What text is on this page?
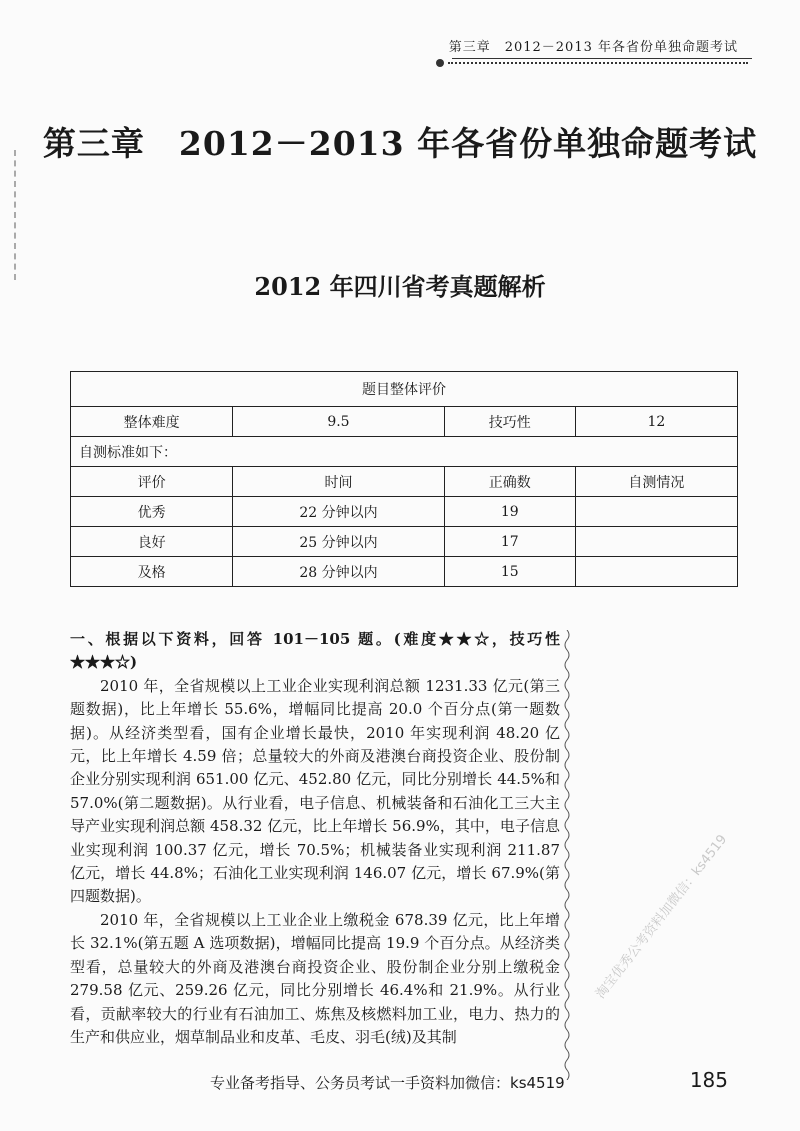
第三章　2012－2013 年各省份单独命题考试
第三章　2012－2013 年各省份单独命题考试
2012 年四川省考真题解析
题目整体评价			
整体难度	9.5	技巧性	12
自测标准如下：			
评价	时间	正确数	自测情况
优秀	22 分钟以内	19	
良好	25 分钟以内	17	
及格	28 分钟以内	15	

一、根据以下资料，回答 101－105 题。(难度★★☆，技巧性★★★☆)

2010 年，全省规模以上工业企业实现利润总额 1231.33 亿元(第三题数据)，比上年增长 55.6%，增幅同比提高 20.0 个百分点(第一题数据)。从经济类型看，国有企业增长最快，2010 年实现利润 48.20 亿元，比上年增长 4.59 倍；总量较大的外商及港澳台商投资企业、股份制企业分别实现利润 651.00 亿元、452.80 亿元，同比分别增长 44.5%和 57.0%(第二题数据)。从行业看，电子信息、机械装备和石油化工三大主导产业实现利润总额 458.32 亿元，比上年增长 56.9%，其中，电子信息业实现利润 100.37 亿元，增长 70.5%；机械装备业实现利润 211.87 亿元，增长 44.8%；石油化工业实现利润 146.07 亿元，增长 67.9%(第四题数据)。

2010 年，全省规模以上工业企业上缴税金 678.39 亿元，比上年增长 32.1%(第五题 A 选项数据)，增幅同比提高 19.9 个百分点。从经济类型看，总量较大的外商及港澳台商投资企业、股份制企业分别上缴税金 279.58 亿元、259.26 亿元，同比分别增长 46.4%和 21.9%。从行业看，贡献率较大的行业有石油加工、炼焦及核燃料加工业，电力、热力的生产和供应业，烟草制品业和皮革、毛皮、羽毛(绒)及其制

淘宝优秀公考资料加微信：ks4519
专业备考指导、公务员考试一手资料加微信：ks4519	185
